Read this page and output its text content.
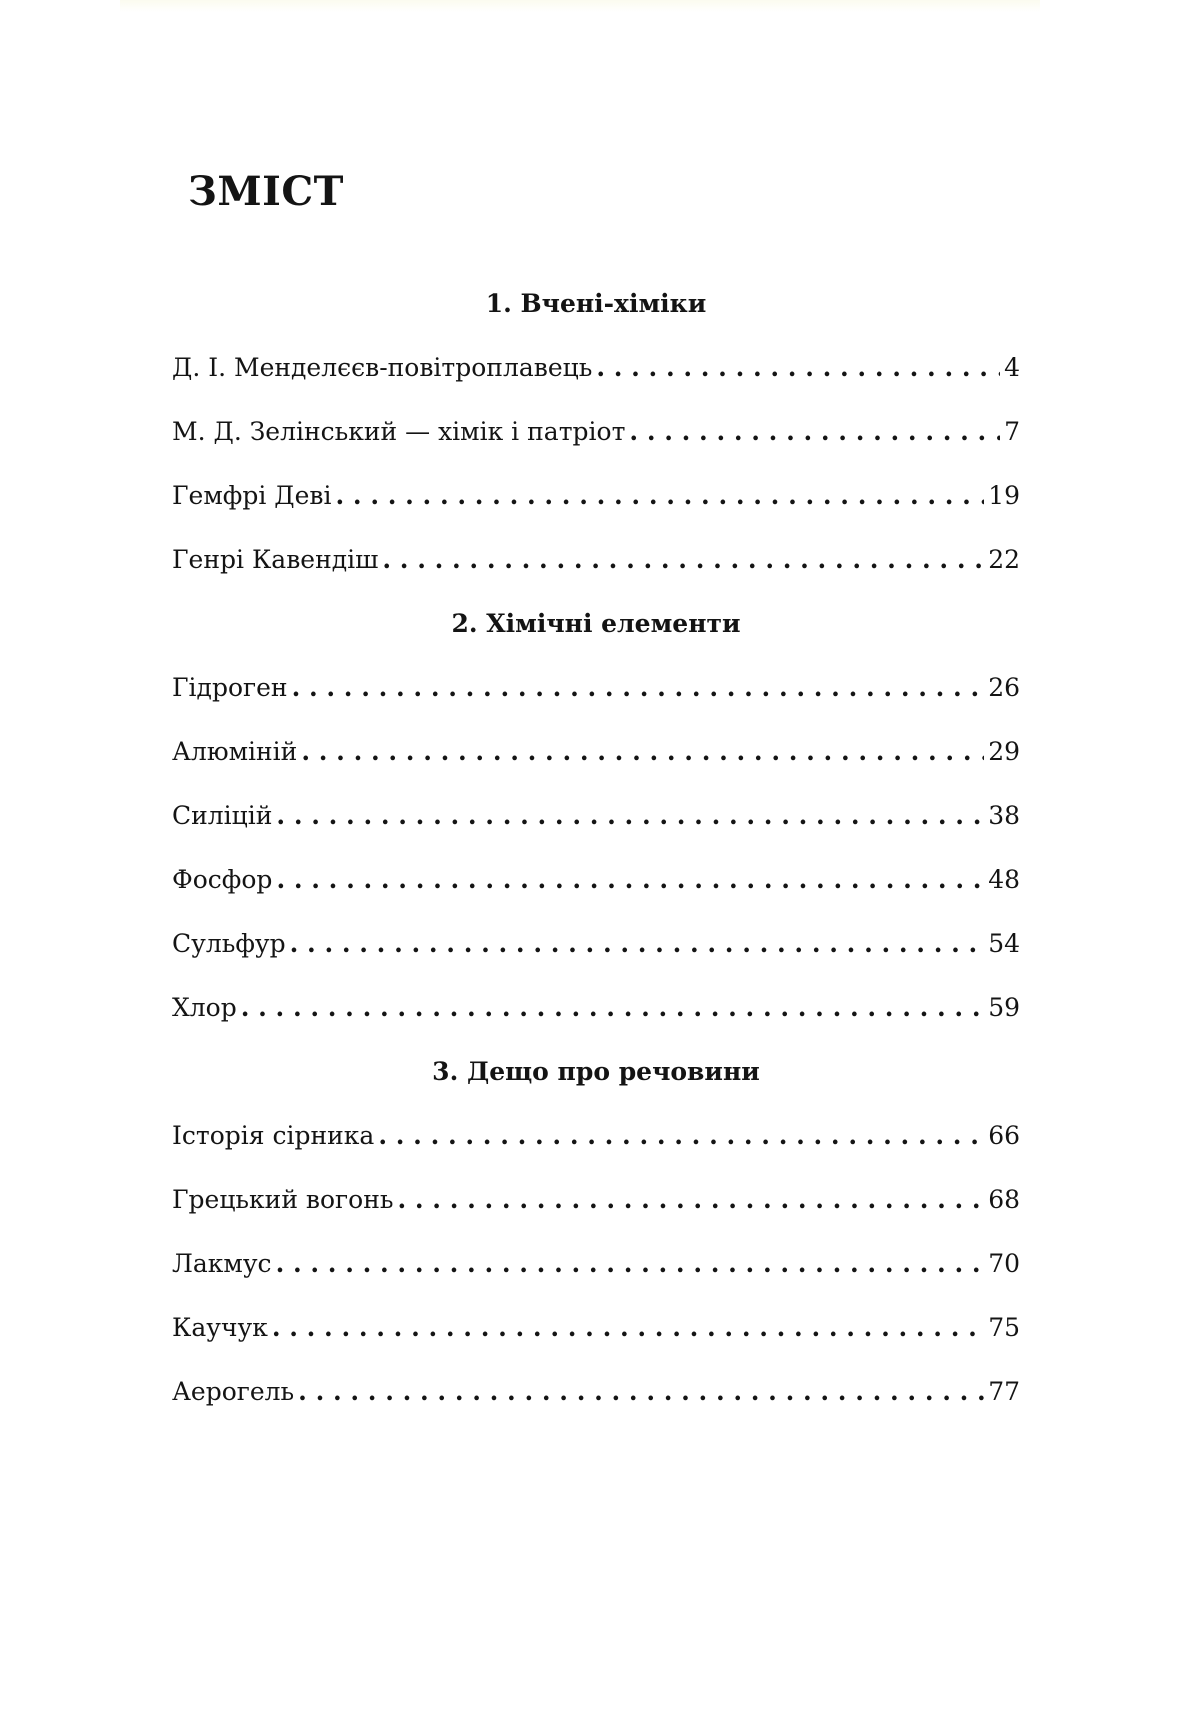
ЗМІСТ
1. Вчені-хіміки
Д. І. Менделєєв-повітроплавець . . .	4
М. Д. Зелінський — хімік і патріот . . .	7
Гемфрі Деві . . .	19
Генрі Кавендіш . . .	22
2. Хімічні елементи
Гідроген . . .	26
Алюміній . . .	29
Силіцій . . .	38
Фосфор . . .	48
Сульфур . . .	54
Хлор . . .	59
3. Дещо про речовини
Історія сірника . . .	66
Грецький вогонь . . .	68
Лакмус . . .	70
Каучук . . .	75
Аерогель . . .	77
